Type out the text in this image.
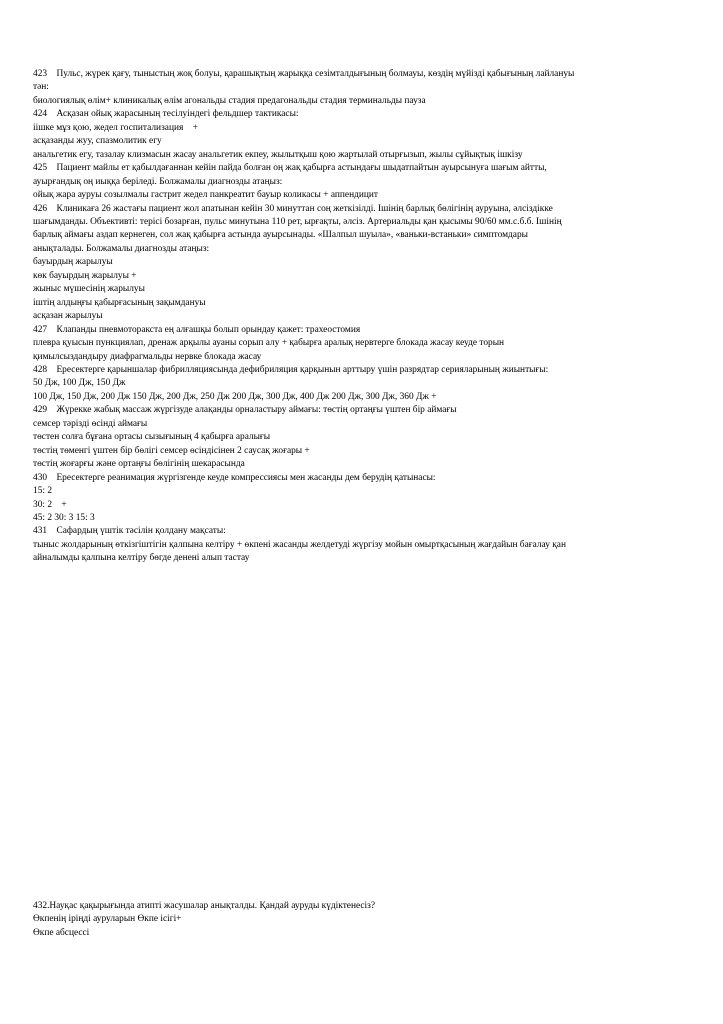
423    Пульс, жүрек қағу, тыныстың жоқ болуы, қарашықтың жарыққа сезімталдығының болмауы, көздің мүйізді қабығының лайлануы
тән:
биологиялық өлім+ клиникалық өлім агональды стадия предагональды стадия терминальды пауза
424    Асқазан ойық жарасының тесілуіндегі фельдшер тактикасы:
іішке мұз қою, жедел госпитализация    +
асқазанды жуу, спазмолитик егу
анальгетик егу, тазалау клизмасын жасау анальгетик екпеу, жылытқыш қою жартылай отырғызып, жылы сұйықтық ішкізу
425    Пациент майлы ет қабылдағаннан кейін пайда болған оң жақ қабырға астындағы шыдатпайтын ауырсынуға шағым айтты,
ауырғандық оң иыққа беріледі. Болжамалы диагнозды атаңыз:
ойық жара ауруы созылмалы гастрит жедел панкреатит бауыр коликасы + аппендицит
426    Клиникаға 26 жастағы пациент жол апатынан кейін 30 минуттан соң жеткізілді. Ішінің барлық бөлігінің ауруына, әлсіздікке
шағымданды. Объективті: терісі бозарған, пульс минутына 110 рет, ырғақты, әлсіз. Артериальды қан қысымы 90/60 мм.с.б.б. Ішінің
барлық аймағы аздап кернеген, сол жақ қабырға астында ауырсынады. «Шалпыл шуыла», «ваньки-встаньки» симптомдары
анықталады. Болжамалы диагнозды атаңыз:
бауырдың жарылуы
көк бауырдың жарылуы +
жыныс мүшесінің жарылуы
іштің алдыңғы қабырғасының зақымдануы
асқазан жарылуы
427    Клапанды пневмоторакста ең алғашқы болып орындау қажет: трахеостомия
плевра қуысын пункциялап, дренаж арқылы ауаны сорып алу + қабырға аралық нервтерге блокада жасау кеуде торын
қимылсыздандыру диафрагмальды нервке блокада жасау
428    Ересектерге қарыншалар фибрилляциясында дефибриляция қарқынын арттыру үшін разрядтар серияларының жиынтығы:
50 Дж, 100 Дж, 150 Дж
100 Дж, 150 Дж, 200 Дж 150 Дж, 200 Дж, 250 Дж 200 Дж, 300 Дж, 400 Дж 200 Дж, 300 Дж, 360 Дж +
429    Жүрекке жабық массаж жүргізуде алақанды орналастыру аймағы: төстің ортаңғы үштен бір аймағы
семсер тәрізді өсінді аймағы
төстен солға бұғана ортасы сызығының 4 қабырға аралығы
төстің төменгі үштен бір бөлігі семсер өсіндісінен 2 саусақ жоғары +
төстің жоғарғы және ортаңғы бөлігінің шекарасында
430    Ересектерге реанимация жүргізгенде кеуде компрессиясы мен жасанды дем берудің қатынасы:
15: 2
30: 2    +
45: 2 30: 3 15: 3
431    Сафардың үштік тәсілін қолдану мақсаты:
тыныс жолдарының өткізгіштігін қалпына келтіру + өкпені жасанды желдетуді жүргізу мойын омыртқасының жағдайын бағалау қан
айналымды қалпына келтіру бөгде денені алып тастау
432.Науқас қақырығында атипті жасушалар анықталды. Қандай ауруды күдіктенесіз?
Өкпенің іріңді ауруларын Өкпе ісігі+
Өкпе абсцессі
